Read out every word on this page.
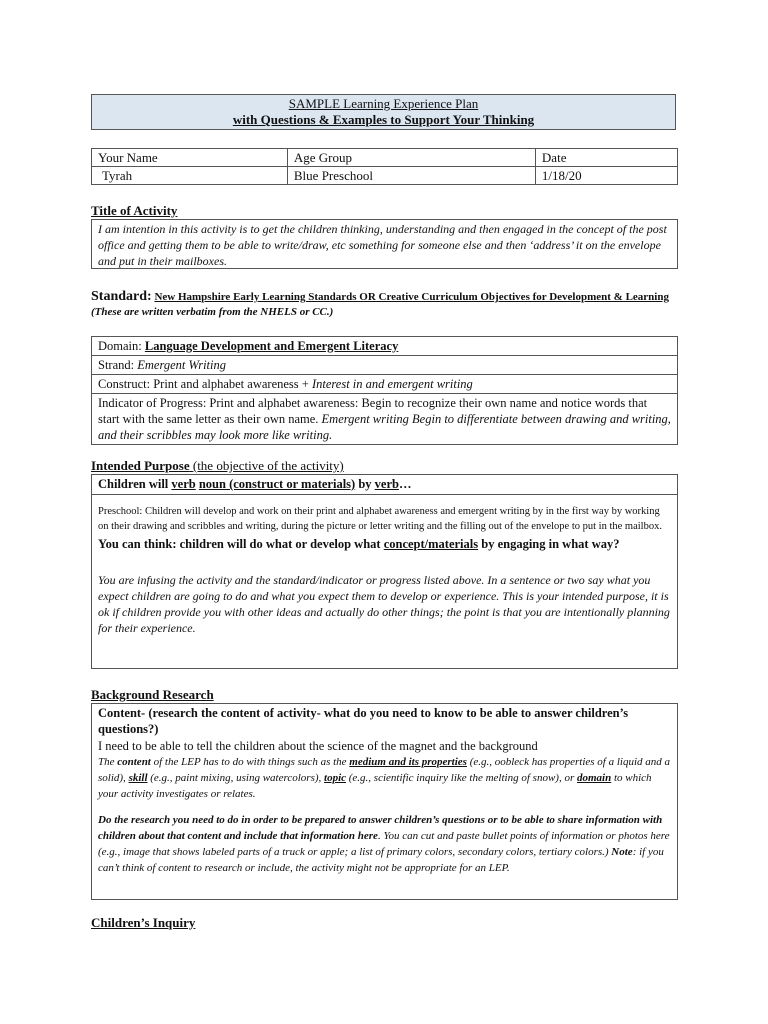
SAMPLE Learning Experience Plan
with Questions & Examples to Support Your Thinking
Your Name	Age Group	Date
Tyrah	Blue Preschool	1/18/20
Title of Activity
I am intention in this activity is to get the children thinking, understanding and then engaged in the concept of the post office and getting them to be able to write/draw, etc something for someone else and then ‘address’ it on the envelope and put in their mailboxes.
Standard: New Hampshire Early Learning Standards OR Creative Curriculum Objectives for Development & Learning (These are written verbatim from the NHELS or CC.)
Domain: Language Development and Emergent Literacy
Strand: Emergent Writing
Construct: Print and alphabet awareness + Interest in and emergent writing
Indicator of Progress: Print and alphabet awareness: Begin to recognize their own name and notice words that start with the same letter as their own name. Emergent writing Begin to differentiate between drawing and writing, and their scribbles may look more like writing.
Intended Purpose (the objective of the activity)
Children will verb noun (construct or materials) by verb…
Preschool: Children will develop and work on their print and alphabet awareness and emergent writing by in the first way by working on their drawing and scribbles and writing, during the picture or letter writing and the filling out of the envelope to put in the mailbox.
You can think: children will do what or develop what concept/materials by engaging in what way?
You are infusing the activity and the standard/indicator or progress listed above. In a sentence or two say what you expect children are going to do and what you expect them to develop or experience. This is your intended purpose, it is ok if children provide you with other ideas and actually do other things; the point is that you are intentionally planning for their experience.
Background Research
Content- (research the content of activity- what do you need to know to be able to answer children’s questions?)
I need to be able to tell the children about the science of the magnet and the background
The content of the LEP has to do with things such as the medium and its properties (e.g., oobleck has properties of a liquid and a solid), skill (e.g., paint mixing, using watercolors), topic (e.g., scientific inquiry like the melting of snow), or domain to which your activity investigates or relates.
Do the research you need to do in order to be prepared to answer children’s questions or to be able to share information with children about that content and include that information here. You can cut and paste bullet points of information or photos here (e.g., image that shows labeled parts of a truck or apple; a list of primary colors, secondary colors, tertiary colors.) Note: if you can’t think of content to research or include, the activity might not be appropriate for an LEP.
Children’s Inquiry
